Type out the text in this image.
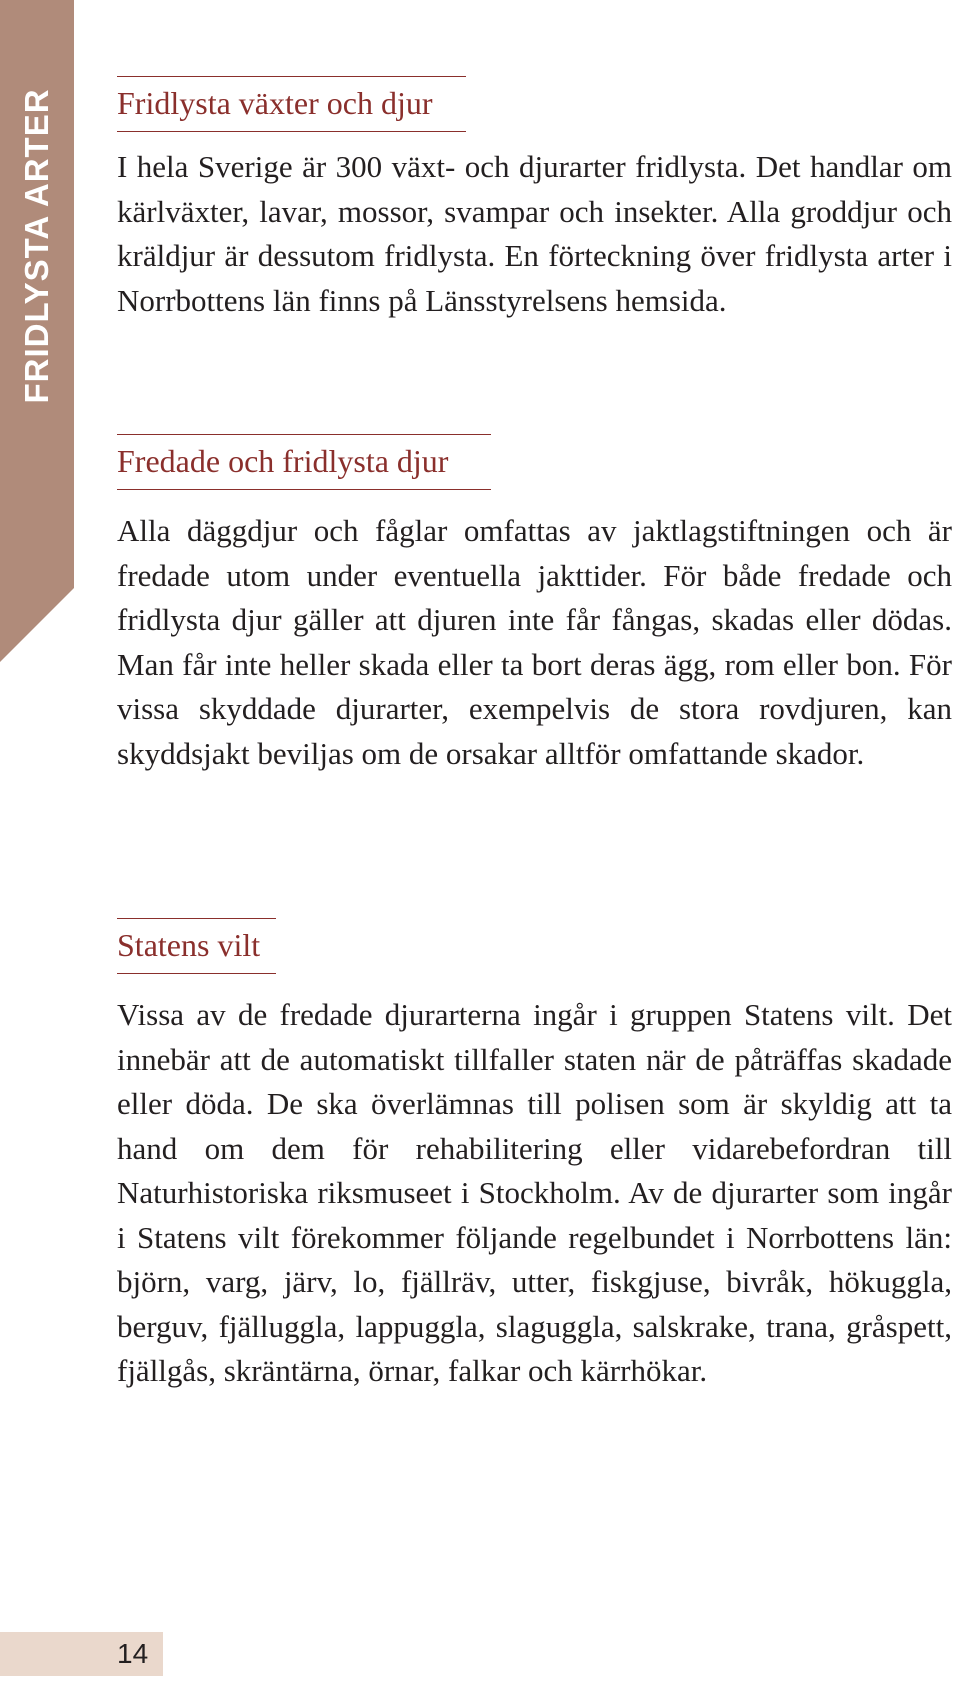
FRIDLYSTA ARTER Fridlysta växter och djur

I hela Sverige är 300 växt- och djurarter fridlysta. Det handlar om kärlväxter, lavar, mossor, svampar och insekter. Alla groddjur och kräldjur är dessutom fridlysta. En förteckning över fridlysta arter i Norrbottens län finns på Länsstyrelsens hemsida.

Fredade och fridlysta djur

Alla däggdjur och fåglar omfattas av jaktlagstiftningen och är fredade utom under eventuella jakttider. För både fredade och fridlysta djur gäller att djuren inte får fångas, skadas eller dödas. Man får inte heller skada eller ta bort deras ägg, rom eller bon. För vissa skyddade djurarter, exempelvis de stora rovdjuren, kan skyddsjakt beviljas om de orsakar alltför omfattande skador.

Statens vilt

Vissa av de fredade djurarterna ingår i gruppen Statens vilt. Det innebär att de automatiskt tillfaller staten när de påträffas skadade eller döda. De ska överlämnas till polisen som är skyldig att ta hand om dem för rehabilitering eller vidarebefordran till Naturhistoriska riksmuseet i Stockholm. Av de djurarter som ingår i Statens vilt förekommer följande regelbundet i Norrbottens län: björn, varg, järv, lo, fjällräv, utter, fiskgjuse, bivråk, hökuggla, berguv, fjälluggla, lappuggla, slaguggla, salskrake, trana, gråspett, fjällgås, skräntärna, örnar, falkar och kärrhökar.

14
